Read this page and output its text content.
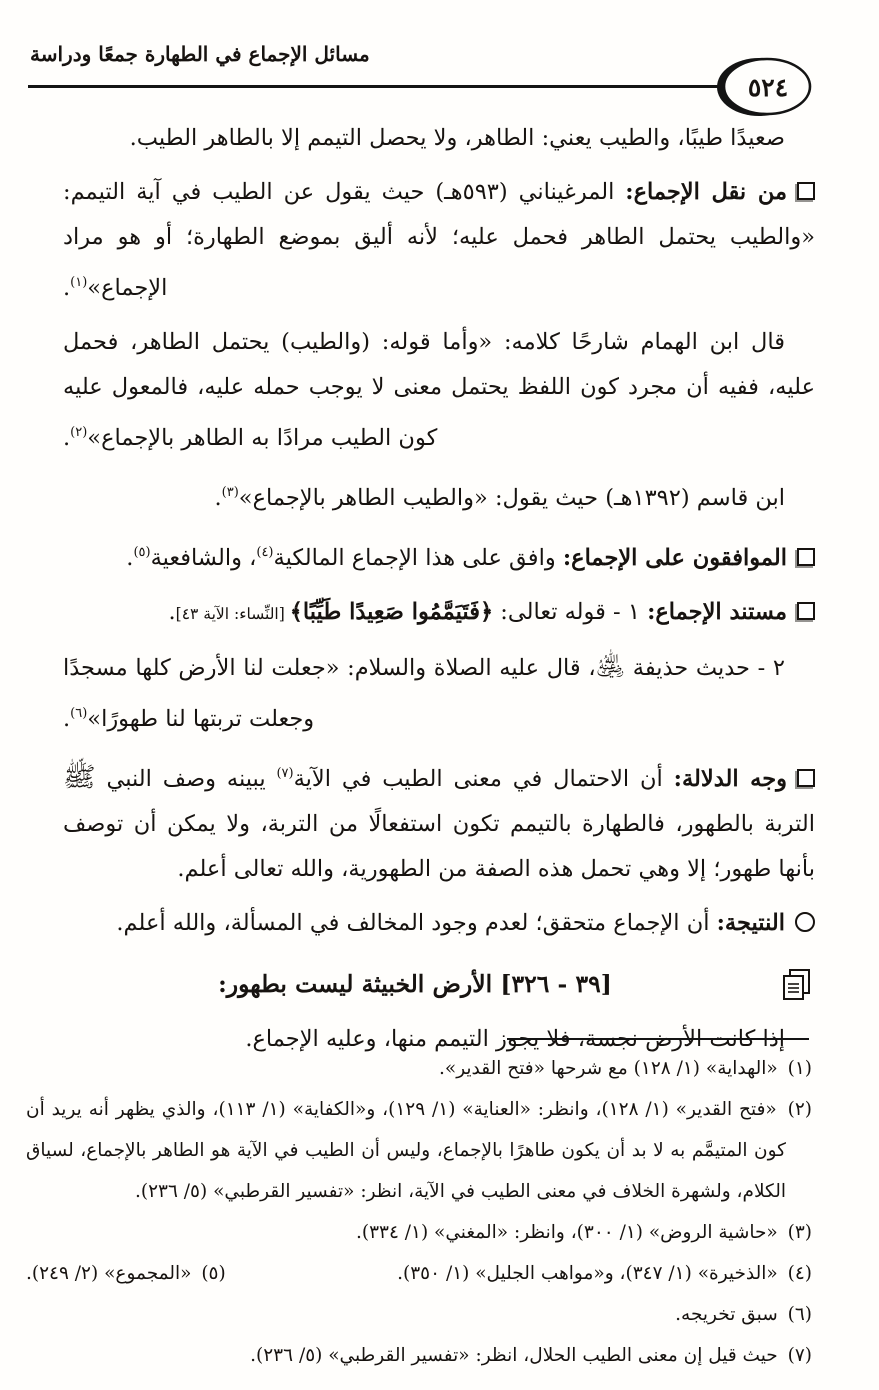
مسائل الإجماع في الطهارة جمعًا ودراسة
٥٢٤

صعيدًا طيبًا، والطيب يعني: الطاهر، ولا يحصل التيمم إلا بالطاهر الطيب.

من نقل الإجماع: المرغيناني (٥٩٣هـ) حيث يقول عن الطيب في آية التيمم: «والطيب يحتمل الطاهر فحمل عليه؛ لأنه أليق بموضع الطهارة؛ أو هو مراد الإجماع»$^{(١)}$.

قال ابن الهمام شارحًا كلامه: «وأما قوله: (والطيب) يحتمل الطاهر، فحمل عليه، ففيه أن مجرد كون اللفظ يحتمل معنى لا يوجب حمله عليه، فالمعول عليه كون الطيب مرادًا به الطاهر بالإجماع»$^{(٢)}$.

ابن قاسم (١٣٩٢هـ) حيث يقول: «والطيب الطاهر بالإجماع»$^{(٣)}$.

الموافقون على الإجماع: وافق على هذا الإجماع المالكية$^{(٤)}$، والشافعية$^{(٥)}$.

مستند الإجماع: ١ - قوله تعالى: ﴿فَتَيَمَّمُوا صَعِيدًا طَيِّبًا﴾ [النِّساء: الآية ٤٣].

٢ - حديث حذيفة ﵁، قال عليه الصلاة والسلام: «جعلت لنا الأرض كلها مسجدًا وجعلت تربتها لنا طهورًا»$^{(٦)}$.

وجه الدلالة: أن الاحتمال في معنى الطيب في الآية$^{(٧)}$ يبينه وصف النبي ﷺ التربة بالطهور، فالطهارة بالتيمم تكون استفعالًا من التربة، ولا يمكن أن توصف بأنها طهور؛ إلا وهي تحمل هذه الصفة من الطهورية، والله تعالى أعلم.

النتيجة: أن الإجماع متحقق؛ لعدم وجود المخالف في المسألة، والله أعلم.

[٣٩ - ٣٢٦] الأرض الخبيثة ليست بطهور:

إذا كانت الأرض نجسة، فلا يجوز التيمم منها، وعليه الإجماع.

(١) «الهداية» (١/ ١٢٨) مع شرحها «فتح القدير».
(٢) «فتح القدير» (١/ ١٢٨)، وانظر: «العناية» (١/ ١٢٩)، و«الكفاية» (١/ ١١٣)، والذي يظهر أنه يريد أن كون المتيمَّم به لا بد أن يكون طاهرًا بالإجماع، وليس أن الطيب في الآية هو الطاهر بالإجماع، لسياق الكلام، ولشهرة الخلاف في معنى الطيب في الآية، انظر: «تفسير القرطبي» (٥/ ٢٣٦).
(٣) «حاشية الروض» (١/ ٣٠٠)، وانظر: «المغني» (١/ ٣٣٤).
(٤) «الذخيرة» (١/ ٣٤٧)، و«مواهب الجليل» (١/ ٣٥٠).
(٥) «المجموع» (٢/ ٢٤٩).
(٦) سبق تخريجه.
(٧) حيث قيل إن معنى الطيب الحلال، انظر: «تفسير القرطبي» (٥/ ٢٣٦).
